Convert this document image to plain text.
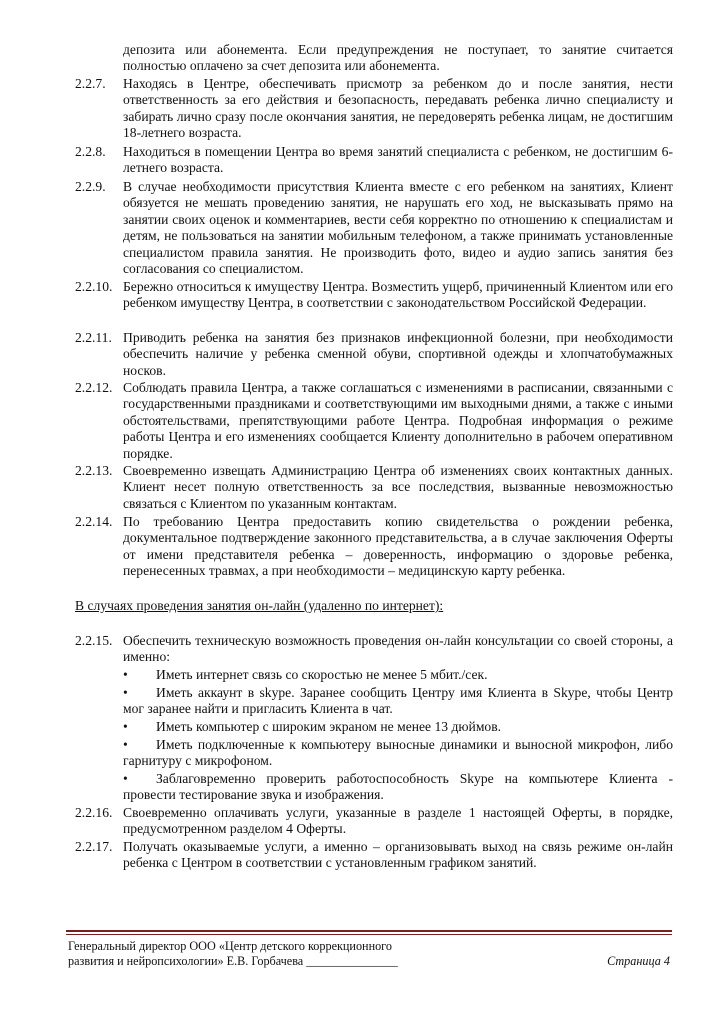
депозита или абонемента. Если предупреждения не поступает, то занятие считается полностью оплачено за счет депозита или абонемента.
2.2.7.	Находясь в Центре, обеспечивать присмотр за ребенком до и после занятия, нести ответственность за его действия и безопасность, передавать ребенка лично специалисту и забирать лично сразу после окончания занятия, не передоверять ребенка лицам, не достигшим 18-летнего возраста.
2.2.8.	Находиться в помещении Центра во время занятий специалиста с ребенком, не достигшим 6-летнего возраста.
2.2.9.	В случае необходимости присутствия Клиента вместе с его ребенком на занятиях, Клиент обязуется не мешать проведению занятия, не нарушать его ход, не высказывать прямо на занятии своих оценок и комментариев, вести себя корректно по отношению к специалистам и детям, не пользоваться на занятии мобильным телефоном, а также принимать установленные специалистом правила занятия. Не производить фото, видео и аудио запись занятия без согласования со специалистом.
2.2.10. Бережно относиться к имуществу Центра. Возместить ущерб, причиненный Клиентом или его ребенком имуществу Центра, в соответствии с законодательством Российской Федерации.
2.2.11. Приводить ребенка на занятия без признаков инфекционной болезни, при необходимости обеспечить наличие у ребенка сменной обуви, спортивной одежды и хлопчатобумажных носков.
2.2.12. Соблюдать правила Центра, а также соглашаться с изменениями в расписании, связанными с государственными праздниками и соответствующими им выходными днями, а также с иными обстоятельствами, препятствующими работе Центра. Подробная информация о режиме работы Центра и его изменениях сообщается Клиенту дополнительно в рабочем оперативном порядке.
2.2.13. Своевременно извещать Администрацию Центра об изменениях своих контактных данных. Клиент несет полную ответственность за все последствия, вызванные невозможностью связаться с Клиентом по указанным контактам.
2.2.14. По требованию Центра предоставить копию свидетельства о рождении ребенка, документальное подтверждение законного представительства, а в случае заключения Оферты от имени представителя ребенка – доверенность, информацию о здоровье ребенка, перенесенных травмах, а при необходимости – медицинскую карту ребенка.
В случаях проведения занятия он-лайн (удаленно по интернет):
2.2.15. Обеспечить техническую возможность проведения он-лайн консультации со своей стороны, а именно:
•	Иметь интернет связь со скоростью не менее 5 мбит./сек.
•	Иметь аккаунт в skype. Заранее сообщить Центру имя Клиента в Skype, чтобы Центр мог заранее найти и пригласить Клиента в чат.
•	Иметь компьютер с широким экраном не менее 13 дюймов.
•	Иметь подключенные к компьютеру выносные динамики и выносной микрофон, либо гарнитуру с микрофоном.
•	Заблаговременно проверить работоспособность Skype на компьютере Клиента - провести тестирование звука и изображения.
2.2.16. Своевременно оплачивать услуги, указанные в разделе 1 настоящей Оферты, в порядке, предусмотренном разделом 4 Оферты.
2.2.17. Получать оказываемые услуги, а именно – организовывать выход на связь режиме он-лайн ребенка с Центром в соответствии с установленным графиком занятий.
Генеральный директор ООО «Центр детского коррекционного
развития и нейропсихологии» Е.В. Горбачева _______________	Страница 4
